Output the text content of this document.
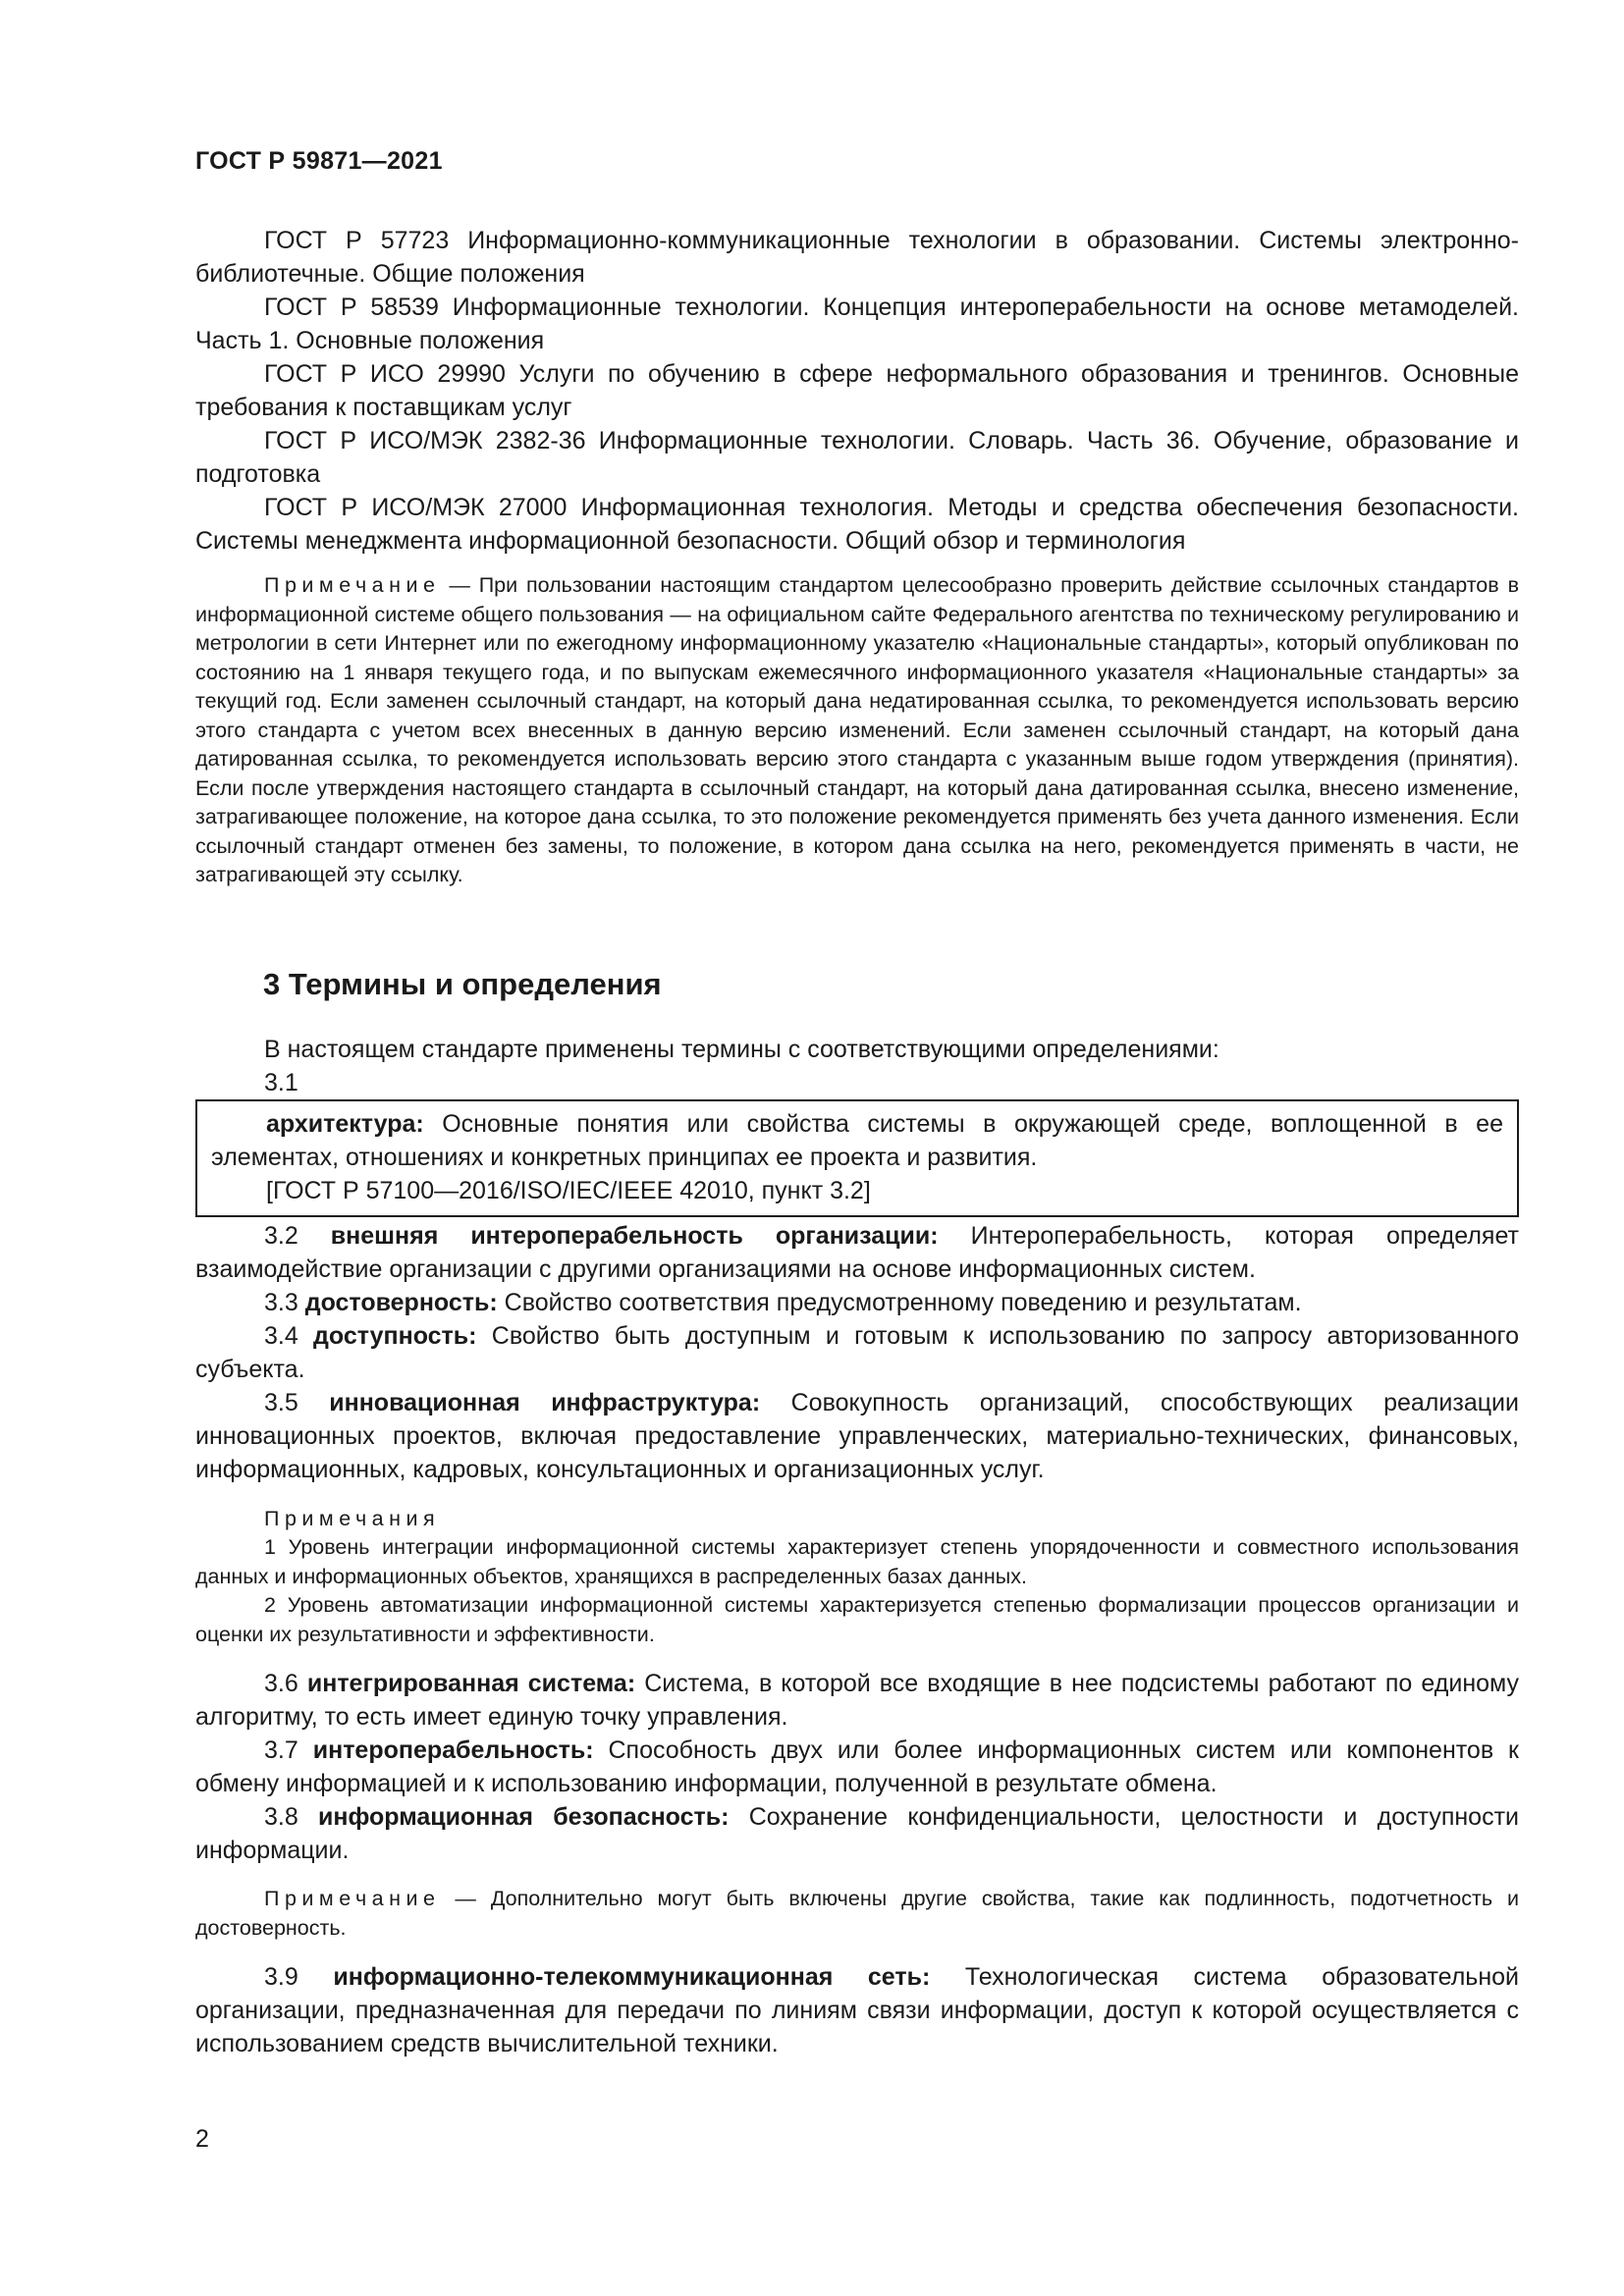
ГОСТ Р 59871—2021

ГОСТ Р 57723 Информационно-коммуникационные технологии в образовании. Системы электронно-библиотечные. Общие положения

ГОСТ Р 58539 Информационные технологии. Концепция интероперабельности на основе метамоделей. Часть 1. Основные положения

ГОСТ Р ИСО 29990 Услуги по обучению в сфере неформального образования и тренингов. Основные требования к поставщикам услуг

ГОСТ Р ИСО/МЭК 2382-36 Информационные технологии. Словарь. Часть 36. Обучение, образование и подготовка

ГОСТ Р ИСО/МЭК 27000 Информационная технология. Методы и средства обеспечения безопасности. Системы менеджмента информационной безопасности. Общий обзор и терминология

Примечание — При пользовании настоящим стандартом целесообразно проверить действие ссылочных стандартов в информационной системе общего пользования — на официальном сайте Федерального агентства по техническому регулированию и метрологии в сети Интернет или по ежегодному информационному указателю «Национальные стандарты», который опубликован по состоянию на 1 января текущего года, и по выпускам ежемесячного информационного указателя «Национальные стандарты» за текущий год. Если заменен ссылочный стандарт, на который дана недатированная ссылка, то рекомендуется использовать версию этого стандарта с учетом всех внесенных в данную версию изменений. Если заменен ссылочный стандарт, на который дана датированная ссылка, то рекомендуется использовать версию этого стандарта с указанным выше годом утверждения (принятия). Если после утверждения настоящего стандарта в ссылочный стандарт, на который дана датированная ссылка, внесено изменение, затрагивающее положение, на которое дана ссылка, то это положение рекомендуется применять без учета данного изменения. Если ссылочный стандарт отменен без замены, то положение, в котором дана ссылка на него, рекомендуется применять в части, не затрагивающей эту ссылку.

3 Термины и определения

В настоящем стандарте применены термины с соответствующими определениями:

3.1

архитектура: Основные понятия или свойства системы в окружающей среде, воплощенной в ее элементах, отношениях и конкретных принципах ее проекта и развития.

[ГОСТ Р 57100—2016/ISO/IEC/IEEE 42010, пункт 3.2]

3.2 внешняя интероперабельность организации: Интероперабельность, которая определяет взаимодействие организации с другими организациями на основе информационных систем.

3.3 достоверность: Свойство соответствия предусмотренному поведению и результатам.

3.4 доступность: Свойство быть доступным и готовым к использованию по запросу авторизованного субъекта.

3.5 инновационная инфраструктура: Совокупность организаций, способствующих реализации инновационных проектов, включая предоставление управленческих, материально-технических, финансовых, информационных, кадровых, консультационных и организационных услуг.

Примечания

1 Уровень интеграции информационной системы характеризует степень упорядоченности и совместного использования данных и информационных объектов, хранящихся в распределенных базах данных.

2 Уровень автоматизации информационной системы характеризуется степенью формализации процессов организации и оценки их результативности и эффективности.

3.6 интегрированная система: Система, в которой все входящие в нее подсистемы работают по единому алгоритму, то есть имеет единую точку управления.

3.7 интероперабельность: Способность двух или более информационных систем или компонентов к обмену информацией и к использованию информации, полученной в результате обмена.

3.8 информационная безопасность: Сохранение конфиденциальности, целостности и доступности информации.

Примечание — Дополнительно могут быть включены другие свойства, такие как подлинность, подотчетность и достоверность.

3.9 информационно-телекоммуникационная сеть: Технологическая система образовательной организации, предназначенная для передачи по линиям связи информации, доступ к которой осуществляется с использованием средств вычислительной техники.

2
